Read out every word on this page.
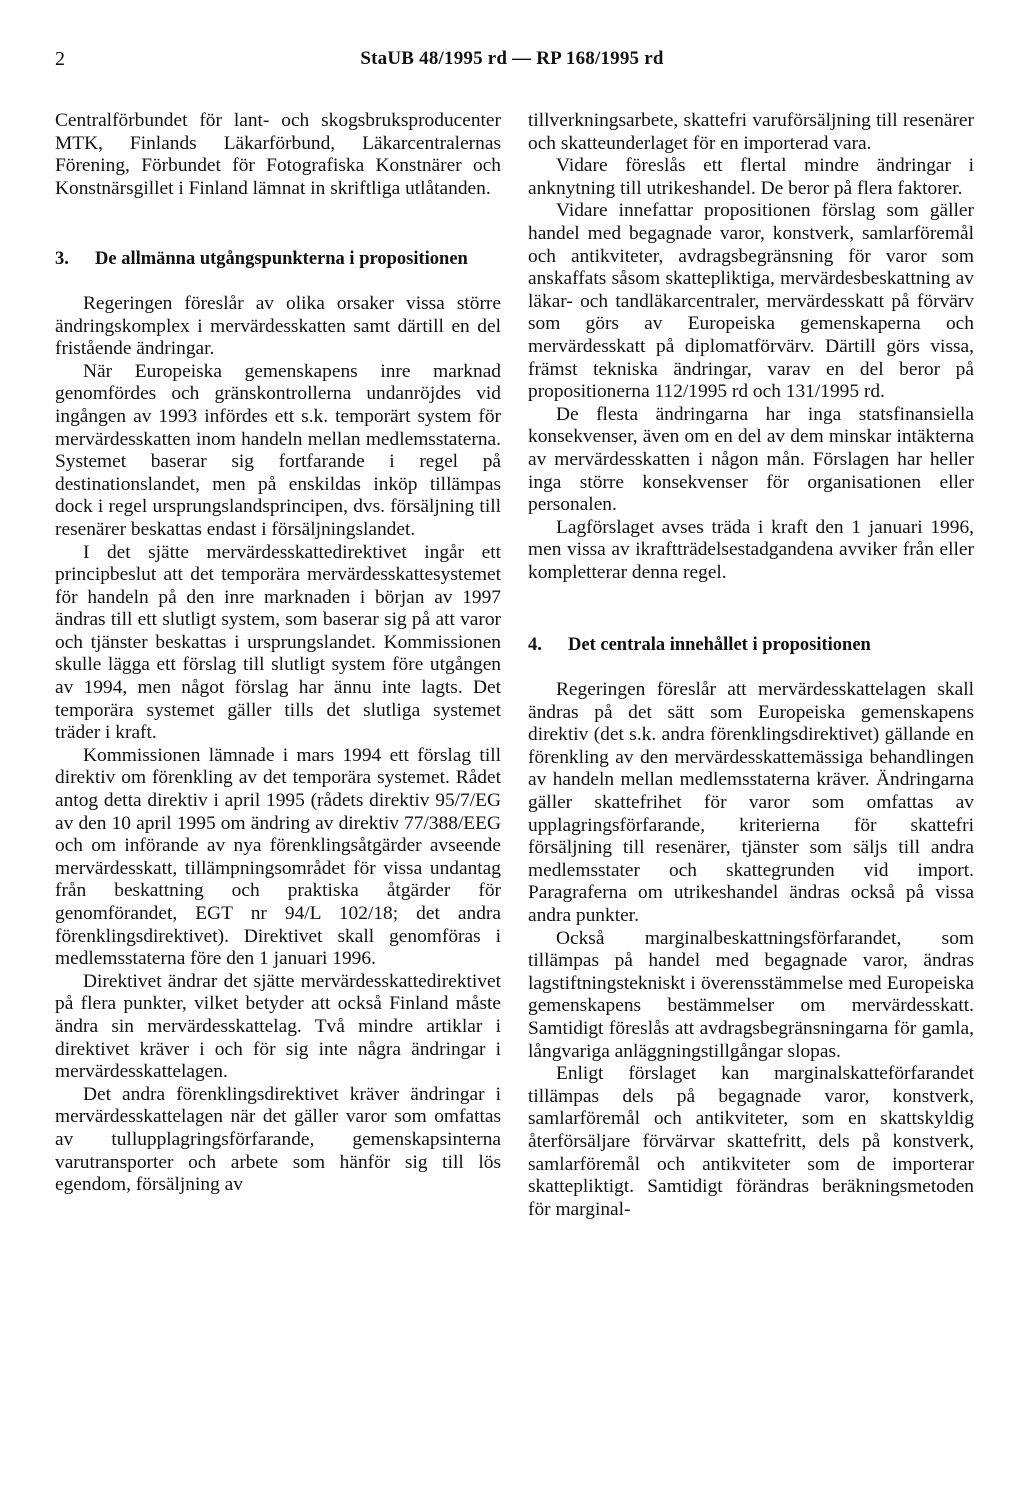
2	StaUB 48/1995 rd — RP 168/1995 rd

Centralförbundet för lant- och skogsbruksproducenter MTK, Finlands Läkarförbund, Läkarcentralernas Förening, Förbundet för Fotografiska Konstnärer och Konstnärsgillet i Finland lämnat in skriftliga utlåtanden.

3.	De allmänna utgångspunkterna i propositionen

Regeringen föreslår av olika orsaker vissa större ändringskomplex i mervärdesskatten samt därtill en del fristående ändringar.

När Europeiska gemenskapens inre marknad genomfördes och gränskontrollerna undanröjdes vid ingången av 1993 infördes ett s.k. temporärt system för mervärdesskatten inom handeln mellan medlemsstaterna. Systemet baserar sig fortfarande i regel på destinationslandet, men på enskildas inköp tillämpas dock i regel ursprungslandsprincipen, dvs. försäljning till resenärer beskattas endast i försäljningslandet.

I det sjätte mervärdesskattedirektivet ingår ett principbeslut att det temporära mervärdesskattesystemet för handeln på den inre marknaden i början av 1997 ändras till ett slutligt system, som baserar sig på att varor och tjänster beskattas i ursprungslandet. Kommissionen skulle lägga ett förslag till slutligt system före utgången av 1994, men något förslag har ännu inte lagts. Det temporära systemet gäller tills det slutliga systemet träder i kraft.

Kommissionen lämnade i mars 1994 ett förslag till direktiv om förenkling av det temporära systemet. Rådet antog detta direktiv i april 1995 (rådets direktiv 95/7/EG av den 10 april 1995 om ändring av direktiv 77/388/EEG och om införande av nya förenklingsåtgärder avseende mervärdesskatt, tillämpningsområdet för vissa undantag från beskattning och praktiska åtgärder för genomförandet, EGT nr 94/L 102/18; det andra förenklingsdirektivet). Direktivet skall genomföras i medlemsstaterna före den 1 januari 1996.

Direktivet ändrar det sjätte mervärdesskattedirektivet på flera punkter, vilket betyder att också Finland måste ändra sin mervärdesskattelag. Två mindre artiklar i direktivet kräver i och för sig inte några ändringar i mervärdesskattelagen.

Det andra förenklingsdirektivet kräver ändringar i mervärdesskattelagen när det gäller varor som omfattas av tullupplagringsförfarande, gemenskapsinterna varutransporter och arbete som hänför sig till lös egendom, försäljning av

tillverkningsarbete, skattefri varuförsäljning till resenärer och skatteunderlaget för en importerad vara.

Vidare föreslås ett flertal mindre ändringar i anknytning till utrikeshandel. De beror på flera faktorer.

Vidare innefattar propositionen förslag som gäller handel med begagnade varor, konstverk, samlarföremål och antikviteter, avdragsbegränsning för varor som anskaffats såsom skattepliktiga, mervärdesbeskattning av läkar- och tandläkarcentraler, mervärdesskatt på förvärv som görs av Europeiska gemenskaperna och mervärdesskatt på diplomatförvärv. Därtill görs vissa, främst tekniska ändringar, varav en del beror på propositionerna 112/1995 rd och 131/1995 rd.

De flesta ändringarna har inga statsfinansiella konsekvenser, även om en del av dem minskar intäkterna av mervärdesskatten i någon mån. Förslagen har heller inga större konsekvenser för organisationen eller personalen.

Lagförslaget avses träda i kraft den 1 januari 1996, men vissa av ikraftträdelsestadgandena avviker från eller kompletterar denna regel.

4.	Det centrala innehållet i propositionen

Regeringen föreslår att mervärdesskattelagen skall ändras på det sätt som Europeiska gemenskapens direktiv (det s.k. andra förenklingsdirektivet) gällande en förenkling av den mervärdesskattemässiga behandlingen av handeln mellan medlemsstaterna kräver. Ändringarna gäller skattefrihet för varor som omfattas av upplagringsförfarande, kriterierna för skattefri försäljning till resenärer, tjänster som säljs till andra medlemsstater och skattegrunden vid import. Paragraferna om utrikeshandel ändras också på vissa andra punkter.

Också marginalbeskattningsförfarandet, som tillämpas på handel med begagnade varor, ändras lagstiftningstekniskt i överensstämmelse med Europeiska gemenskapens bestämmelser om mervärdesskatt. Samtidigt föreslås att avdragsbegränsningarna för gamla, långvariga anläggningstillgångar slopas.

Enligt förslaget kan marginalskatteförfarandet tillämpas dels på begagnade varor, konstverk, samlarföremål och antikviteter, som en skattskyldig återförsäljare förvärvar skattefritt, dels på konstverk, samlarföremål och antikviteter som de importerar skattepliktigt. Samtidigt förändras beräkningsmetoden för marginal-
